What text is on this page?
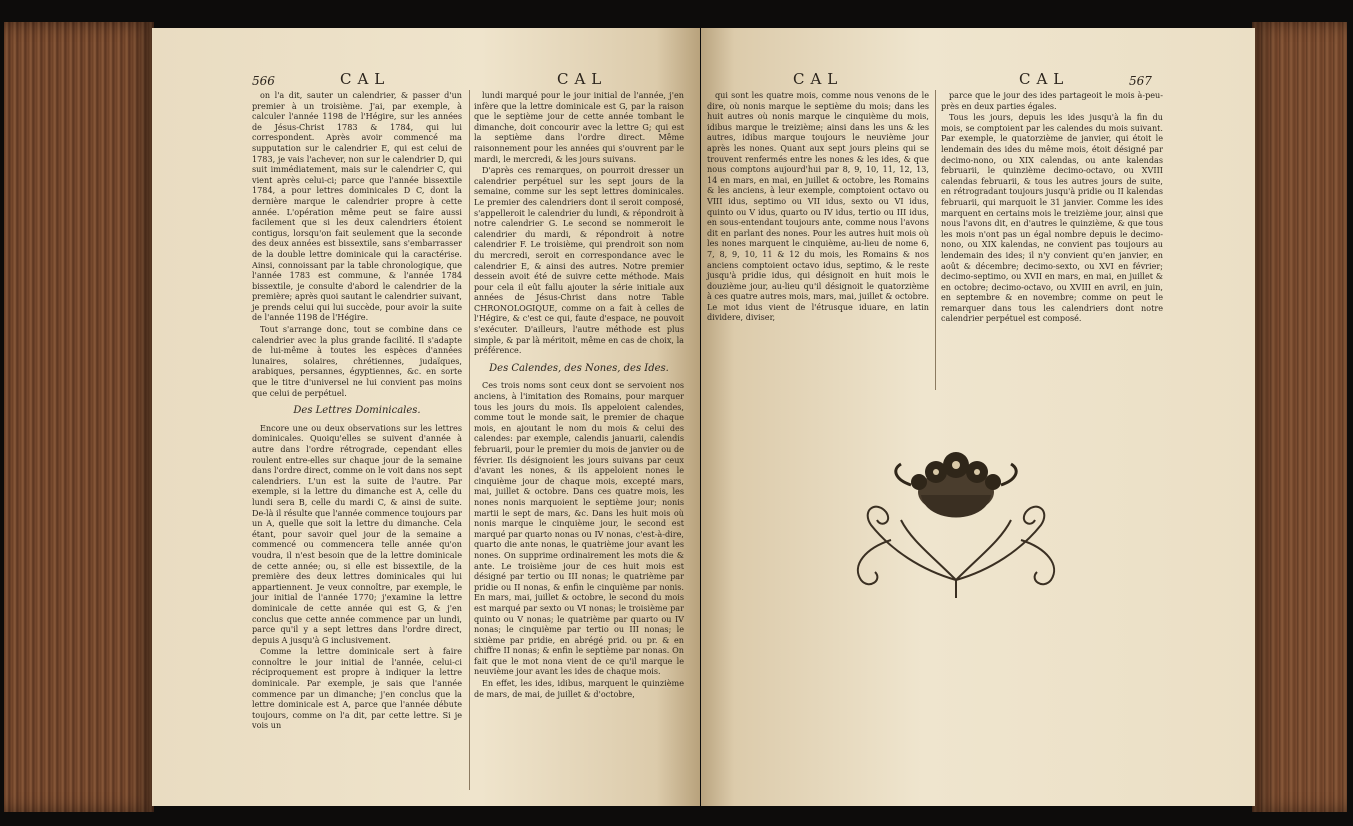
566	CAL	CAL

on l'a dit, sauter un calendrier, & passer d'un premier à un troisième. J'ai, par exemple, à calculer l'année 1198 de l'Hégire, sur les années de Jésus-Christ 1783 & 1784, qui lui correspondent. Après avoir commencé ma supputation sur le calendrier E, qui est celui de 1783, je vais l'achever, non sur le calendrier D, qui suit immédiatement, mais sur le calendrier C, qui vient après celui-ci; parce que l'année bissextile 1784, a pour lettres dominicales D C, dont la dernière marque le calendrier propre à cette année. L'opération même peut se faire aussi facilement que si les deux calendriers étoient contigus, lorsqu'on fait seulement que la seconde des deux années est bissextile, sans s'embarrasser de la double lettre dominicale qui la caractérise. Ainsi, connoissant par la table chronologique, que l'année 1783 est commune, & l'année 1784 bissextile, je consulte d'abord le calendrier de la première; après quoi sautant le calendrier suivant, je prends celui qui lui succède, pour avoir la suite de l'année 1198 de l'Hégire.

Tout s'arrange donc, tout se combine dans ce calendrier avec la plus grande facilité. Il s'adapte de lui-même à toutes les espèces d'années lunaires, solaires, chrétiennes, judaïques, arabiques, persannes, égyptiennes, &c. en sorte que le titre d'universel ne lui convient pas moins que celui de perpétuel.

Des Lettres Dominicales.

Encore une ou deux observations sur les lettres dominicales. Quoiqu'elles se suivent d'année à autre dans l'ordre rétrograde, cependant elles roulent entre-elles sur chaque jour de la semaine dans l'ordre direct, comme on le voit dans nos sept calendriers. L'un est la suite de l'autre. Par exemple, si la lettre du dimanche est A, celle du lundi sera B, celle du mardi C, & ainsi de suite. De-là il résulte que l'année commence toujours par un A, quelle que soit la lettre du dimanche. Cela étant, pour savoir quel jour de la semaine a commencé ou commencera telle année qu'on voudra, il n'est besoin que de la lettre dominicale de cette année; ou, si elle est bissextile, de la première des deux lettres dominicales qui lui appartiennent. Je veux connoître, par exemple, le jour initial de l'année 1770; j'examine la lettre dominicale de cette année qui est G, & j'en conclus que cette année commence par un lundi, parce qu'il y a sept lettres dans l'ordre direct, depuis A jusqu'à G inclusivement.

Comme la lettre dominicale sert à faire connoître le jour initial de l'année, celui-ci réciproquement est propre à indiquer la lettre dominicale. Par exemple, je sais que l'année commence par un dimanche; j'en conclus que la lettre dominicale est A, parce que l'année débute toujours, comme on l'a dit, par cette lettre. Si je vois un

lundi marqué pour le jour initial de l'année, j'en infère que la lettre dominicale est G, par la raison que le septième jour de cette année tombant le dimanche, doit concourir avec la lettre G; qui est la septième dans l'ordre direct. Même raisonnement pour les années qui s'ouvrent par le mardi, le mercredi, & les jours suivans.

D'après ces remarques, on pourroit dresser un calendrier perpétuel sur les sept jours de la semaine, comme sur les sept lettres dominicales. Le premier des calendriers dont il seroit composé, s'appelleroit le calendrier du lundi, & répondroit à notre calendrier G. Le second se nommeroit le calendrier du mardi, & répondroit à notre calendrier F. Le troisième, qui prendroit son nom du mercredi, seroit en correspondance avec le calendrier E, & ainsi des autres. Notre premier dessein avoit été de suivre cette méthode. Mais pour cela il eût fallu ajouter la série initiale aux années de Jésus-Christ dans notre Table CHRONOLOGIQUE, comme on a fait à celles de l'Hégire, & c'est ce qui, faute d'espace, ne pouvoit s'exécuter. D'ailleurs, l'autre méthode est plus simple, & par là méritoit, même en cas de choix, la préférence.

Des Calendes, des Nones, des Ides.

Ces trois noms sont ceux dont se servoient nos anciens, à l'imitation des Romains, pour marquer tous les jours du mois. Ils appeloient calendes, comme tout le monde sait, le premier de chaque mois, en ajoutant le nom du mois & celui des calendes: par exemple, calendis januarii, calendis februarii, pour le premier du mois de janvier ou de février. Ils désignoient les jours suivans par ceux d'avant les nones, & ils appeloient nones le cinquième jour de chaque mois, excepté mars, mai, juillet & octobre. Dans ces quatre mois, les nones nonis marquoient le septième jour; nonis martii le sept de mars, &c. Dans les huit mois où nonis marque le cinquième jour, le second est marqué par quarto nonas ou IV nonas, c'est-à-dire, quarto die ante nonas, le quatrième jour avant les nones. On supprime ordinairement les mots die & ante. Le troisième jour de ces huit mois est désigné par tertio ou III nonas; le quatrième par pridie ou II nonas, & enfin le cinquième par nonis. En mars, mai, juillet & octobre, le second du mois est marqué par sexto ou VI nonas; le troisième par quinto ou V nonas; le quatrième par quarto ou IV nonas; le cinquième par tertio ou III nonas; le sixième par pridie, en abrégé prid. ou pr. & en chiffre II nonas; & enfin le septième par nonas. On fait que le mot nona vient de ce qu'il marque le neuvième jour avant les ides de chaque mois.

En effet, les ides, idibus, marquent le quinzième de mars, de mai, de juillet & d'octobre,

CAL	CAL	567

qui sont les quatre mois, comme nous venons de le dire, où nonis marque le septième du mois; dans les huit autres où nonis marque le cinquième du mois, idibus marque le treizième; ainsi dans les uns & les autres, idibus marque toujours le neuvième jour après les nones. Quant aux sept jours pleins qui se trouvent renfermés entre les nones & les ides, & que nous comptons aujourd'hui par 8, 9, 10, 11, 12, 13, 14 en mars, en mai, en juillet & octobre, les Romains & les anciens, à leur exemple, comptoient octavo ou VIII idus, septimo ou VII idus, sexto ou VI idus, quinto ou V idus, quarto ou IV idus, tertio ou III idus, en sous-entendant toujours ante, comme nous l'avons dit en parlant des nones. Pour les autres huit mois où les nones marquent le cinquième, au-lieu de nome 6, 7, 8, 9, 10, 11 & 12 du mois, les Romains & nos anciens comptoient octavo idus, septimo, & le reste jusqu'à pridie idus, qui désignoit en huit mois le douzième jour, au-lieu qu'il désignoit le quatorzième à ces quatre autres mois, mars, mai, juillet & octobre. Le mot idus vient de l'étrusque iduare, en latin dividere, diviser,

parce que le jour des ides partageoit le mois à-peu-près en deux parties égales.

Tous les jours, depuis les ides jusqu'à la fin du mois, se comptoient par les calendes du mois suivant. Par exemple, le quatorzième de janvier, qui étoit le lendemain des ides du même mois, étoit désigné par decimo-nono, ou XIX calendas, ou ante kalendas februarii, le quinzième decimo-octavo, ou XVIII calendas februarii, & tous les autres jours de suite, en rétrogradant toujours jusqu'à pridie ou II kalendas februarii, qui marquoit le 31 janvier. Comme les ides marquent en certains mois le treizième jour, ainsi que nous l'avons dit, en d'autres le quinzième, & que tous les mois n'ont pas un égal nombre depuis le decimo-nono, ou XIX kalendas, ne convient pas toujours au lendemain des ides; il n'y convient qu'en janvier, en août & décembre; decimo-sexto, ou XVI en février; decimo-septimo, ou XVII en mars, en mai, en juillet & en octobre; decimo-octavo, ou XVIII en avril, en juin, en septembre & en novembre; comme on peut le remarquer dans tous les calendriers dont notre calendrier perpétuel est composé.
